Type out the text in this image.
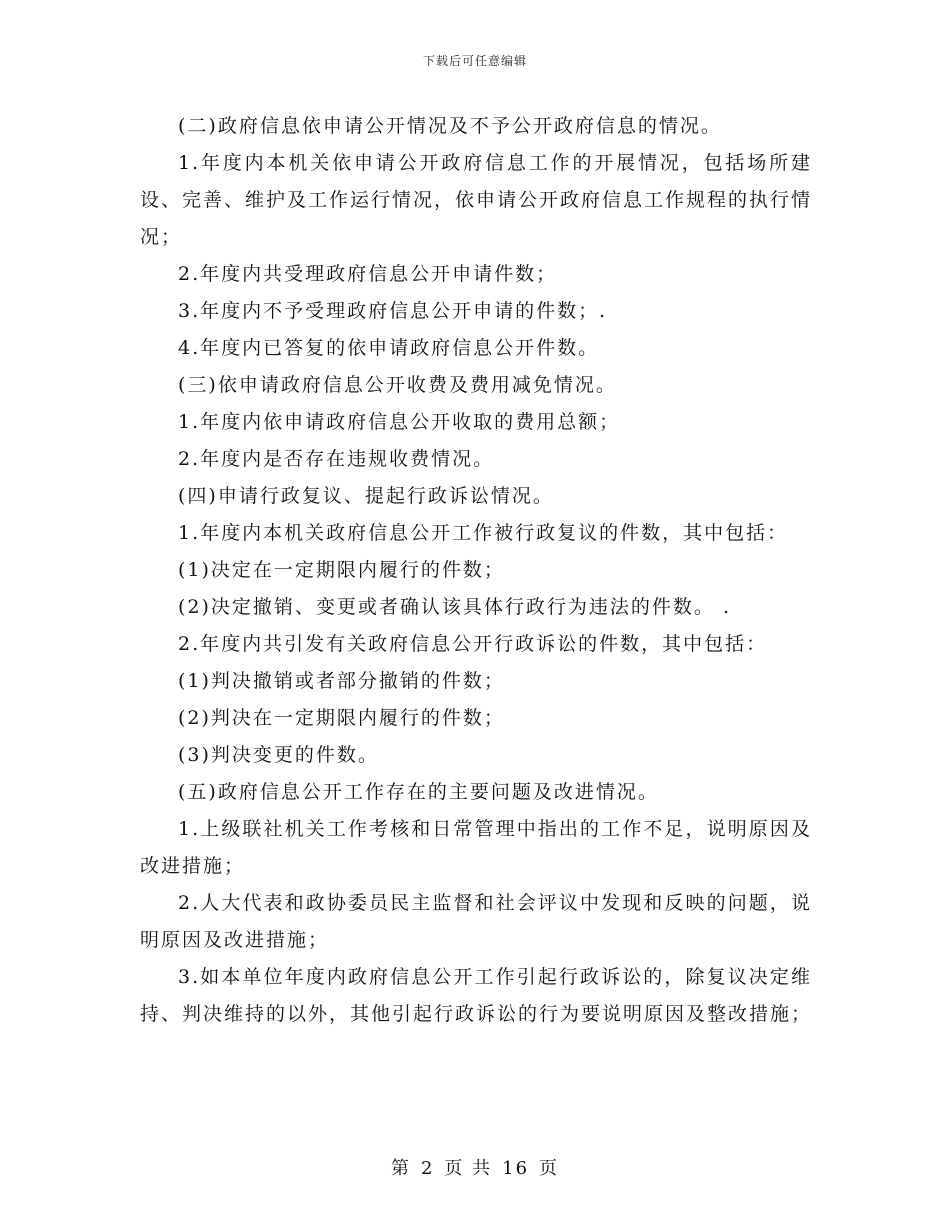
下载后可任意编辑

(二)政府信息依申请公开情况及不予公开政府信息的情况。

1.年度内本机关依申请公开政府信息工作的开展情况，包括场所建设、完善、维护及工作运行情况，依申请公开政府信息工作规程的执行情况；

2.年度内共受理政府信息公开申请件数；

3.年度内不予受理政府信息公开申请的件数；.

4.年度内已答复的依申请政府信息公开件数。

(三)依申请政府信息公开收费及费用减免情况。

1.年度内依申请政府信息公开收取的费用总额；

2.年度内是否存在违规收费情况。

(四)申请行政复议、提起行政诉讼情况。

1.年度内本机关政府信息公开工作被行政复议的件数，其中包括：

(1)决定在一定期限内履行的件数；

(2)决定撤销、变更或者确认该具体行政行为违法的件数。 .

2.年度内共引发有关政府信息公开行政诉讼的件数，其中包括：

(1)判决撤销或者部分撤销的件数；

(2)判决在一定期限内履行的件数；

(3)判决变更的件数。

(五)政府信息公开工作存在的主要问题及改进情况。

1.上级联社机关工作考核和日常管理中指出的工作不足，说明原因及改进措施；

2.人大代表和政协委员民主监督和社会评议中发现和反映的问题，说明原因及改进措施；

3.如本单位年度内政府信息公开工作引起行政诉讼的，除复议决定维持、判决维持的以外，其他引起行政诉讼的行为要说明原因及整改措施；

第 2 页 共 16 页
